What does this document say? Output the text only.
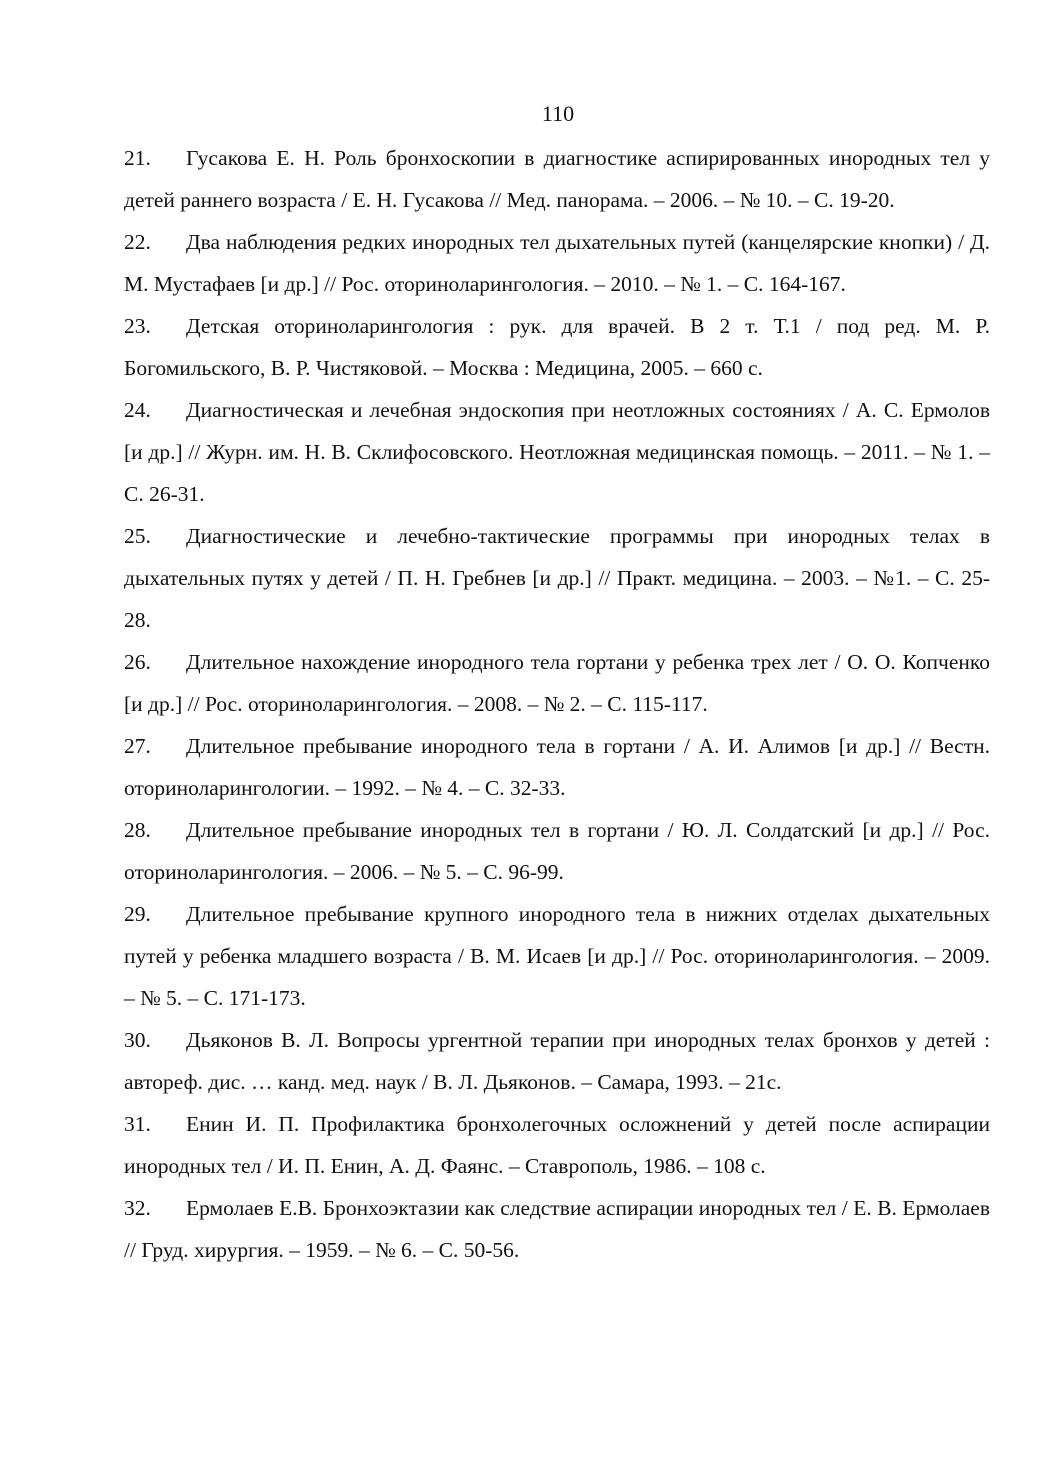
110
21. Гусакова Е. Н. Роль бронхоскопии в диагностике аспирированных инородных тел у детей раннего возраста / Е. Н. Гусакова // Мед. панорама. – 2006. – № 10. – С. 19-20.
22. Два наблюдения редких инородных тел дыхательных путей (канцелярские кнопки) / Д. М. Мустафаев [и др.] // Рос. оториноларингология. – 2010. – № 1. – С. 164-167.
23. Детская оториноларингология : рук. для врачей. В 2 т. Т.1 / под ред. М. Р. Богомильского, В. Р. Чистяковой. – Москва : Медицина, 2005. – 660 с.
24. Диагностическая и лечебная эндоскопия при неотложных состояниях / А. С. Ермолов [и др.] // Журн. им. Н. В. Склифосовского. Неотложная медицинская помощь. – 2011. – № 1. – С. 26-31.
25. Диагностические и лечебно-тактические программы при инородных телах в дыхательных путях у детей / П. Н. Гребнев [и др.] // Практ. медицина. – 2003. – №1. – С. 25-28.
26. Длительное нахождение инородного тела гортани у ребенка трех лет / О. О. Копченко [и др.] // Рос. оториноларингология. – 2008. – № 2. – С. 115-117.
27. Длительное пребывание инородного тела в гортани / А. И. Алимов [и др.] // Вестн. оториноларингологии. – 1992. – № 4. – С. 32-33.
28. Длительное пребывание инородных тел в гортани / Ю. Л. Солдатский [и др.] // Рос. оториноларингология. – 2006. – № 5. – С. 96-99.
29. Длительное пребывание крупного инородного тела в нижних отделах дыхательных путей у ребенка младшего возраста / В. М. Исаев [и др.] // Рос. оториноларингология. – 2009. – № 5. – С. 171-173.
30. Дьяконов В. Л. Вопросы ургентной терапии при инородных телах бронхов у детей : автореф. дис. … канд. мед. наук / В. Л. Дьяконов. – Самара, 1993. – 21с.
31. Енин И. П. Профилактика бронхолегочных осложнений у детей после аспирации инородных тел / И. П. Енин, А. Д. Фаянс. – Ставрополь, 1986. – 108 с.
32. Ермолаев Е.В. Бронхоэктазии как следствие аспирации инородных тел / Е. В. Ермолаев // Груд. хирургия. – 1959. – № 6. – С. 50-56.
